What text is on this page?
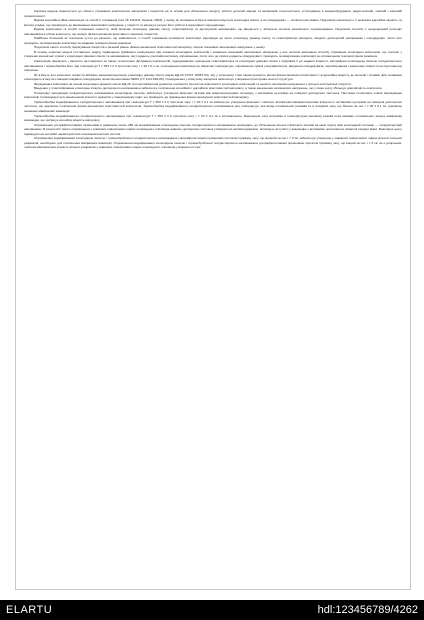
Корисна модель відноситься до області отримання композитних матеріалів і покриттів на їх основі для збільшення ресурсу роботи деталей машин та механізмів технологічного устаткування в машинобудуванні, радіотехнічній, хімічній і харчовій промисловості.

Відома корозійностійка композиція та спосіб її отримання [пат. № 1111111 Україна, 2003], у якому як полімерне в'яжуче використовується епоксидна смола, а як отверджувач — поліетиленполіамін. Недоліком композиції є її незначна адгезійна міцність та висока усадка, що призводить до виникнення залишкових напружень у покритті та зменшує ресурс його роботи в агресивних середовищах.

Відома композиція та спосіб отримання покриття, який включає епоксидну діанову смолу, пластифікатор та дисперсний наповнювач, що вводяться у зв'язуюче шляхом механічного перемішування. Недоліком способу є неоднорідний розподіл наповнювача в об'ємі композиту, що знижує фізико-механічні властивості захисних покриттів.

Найбільш близьким за технічною суттю до рішення, що заявляється, є спосіб отримання полімерної композиції, відповідно до якого епоксидну діанову смолу та пластифікатор змішують, вводять дисперсний наповнювач і отверджувач, після чого проводять полімеризацію композиції за заданим температурним режимом.

Недоліком такого способу формування покриттів є низький рівень фізико-механічних властивостей матеріалу і високі показники залишкових напружень у ньому.

В основу корисної моделі поставлено задачу підвищення руйнівного напруження при згинанні епоксидних композитів і зниження показників залишкових напружень у них шляхом виконання способу отримання епоксидної композиції, що полягає у створенні механічної суміші з епоксидної діанової смоли та наповнювача, яку піддають ультрафіолетовому опроміненню, після чого до суміші додають отверджувач і проводять полімеризацію композиції за оптимальним температурним режимом.

Композицію формують і наносять на поверхню за такою технологією. Дозування компонентів, гідродинамічне суміщення пластифікатора та епоксидної діанової смоли з підігрівом її до заданої в'язкості, змочування епоксидною смолою полідисперсного наповнювача і термообробка його при температурі Т = 353 ± 2 К протягом часу τ = 20 ± 0,1 хв, охолодження композиції до кімнатної температури, опромінення суміші ультрафіолетом, введення отверджувача, перемішування і нанесення покриття на підготовлену поверхню.

Як в'яжуче для захисного покриття вибрано низькомолекулярну епоксидну діанову смолу марки ЕД-20 (ГОСТ 10587-84), яку у склеєному стані характеризують високі фізико-механічні властивості та адгезійна міцність до металів і сплавів. Для зшивання епоксидного в'яжучого використовували отверджувач поліетиленполіамін ПЕПА (ТУ 6-02-594-85). Отвердження у в'яжучому матеріалі забезпечує утворення просторово-зшитої структури.

Формування композиції на основі епоксидної діанової смоли ЕД-20 та пластифікатора дозволяє поліпшити реологічні властивості епоксидних композицій та знизити залишкові напруження у процесі експлуатації покриття.

Введення у пластифіковане епоксидне в'яжуче дисперсного наповнювача забезпечує поліпшення когезійних і адгезійних властивостей матеріалу, а також зменшення залишкових напружень, що у свою чергу збільшує довговічність композита.

Попереднє змочування полідисперсного наповнювача епоксидною смолою забезпечує утворення фізичних зв'язків між макромолекулами олігомеру з активними центрами на поверхні дисперсних частинок. Настання початкових етапів формування композиції супроводжується зменшенням кількості дефектів у поверхневому шарі, що приводить до підвищення фізико-механічних властивостей матеріалу.

Термообробка модифікованого полідисперсного наповнювача при температурі Т = 353 ± 2 К протягом часу τ = 20 ± 0,1 хв забезпечує утворення фізичних і хімічних зв'язків між макромолекулами в'яжучого і активними центрами на поверхні дисперсних частинок, що зумовлює поліпшення фізико-механічних властивостей композитів. Термообробка модифікованого полідисперсного наповнювача при температурі, яка вища оптимальних режимів та в інтервалі часу, що більше за час τ = 20 ± 0,1 хв, зумовлює зниження міжфазової взаємодії.

Термообробка модифікованого полідисперсного наповнювача при температурі Т = 353 ± 2 К протягом часу τ = 20 ± 0,1 хв є оптимальною. Зменшення часу витримки в температурно-часовому режимі поза межами оптимальних знижує міжфазову взаємодію, що погіршує когезійну міцність матеріалу.

Опромінення ультрафіолетовими променями в довжиною хвиль 280 нм модифікованої епоксидною смолою полідисперсного наповнювача призводить до збільшення кількості фізичних зв'язків на межі поділу фаз епоксидний олігомер — полідисперсний наповнювач. В результаті такого опромінення у зовнішніх поверхневих шарах епоксидного олігомера навколо дисперсних частинок утворюється активні радикали, які можуть вступати у взаємодію з активними центрами на поверхні твердої фази. Внаслідок цього підвищуються когезійні характеристики епоксикомпозитних систем.

Опромінення модифікованої епоксидною смолою і термообробленої полідисперсного наповнювача ультрафіолетовими променями протягом проміжку часу, що менший за час τ = 5 хв, забезпечує утворення у зовнішніх поверхневих шарах кількості вільних радикалів, необхідних для поліпшення міжфазової взаємодії. Опромінення модифікованої епоксидною смолою і термообробленої полідисперсного наповнювача ультрафіолетовими променями протягом проміжку часу, що вищий за час τ = 5 хв, не є доцільним, оскільки максимальна кількість вільних радикалів у зовнішніх поверхневих шарах епоксидного олігомера утворюється при

ELARTU	hdl:123456789/4262
